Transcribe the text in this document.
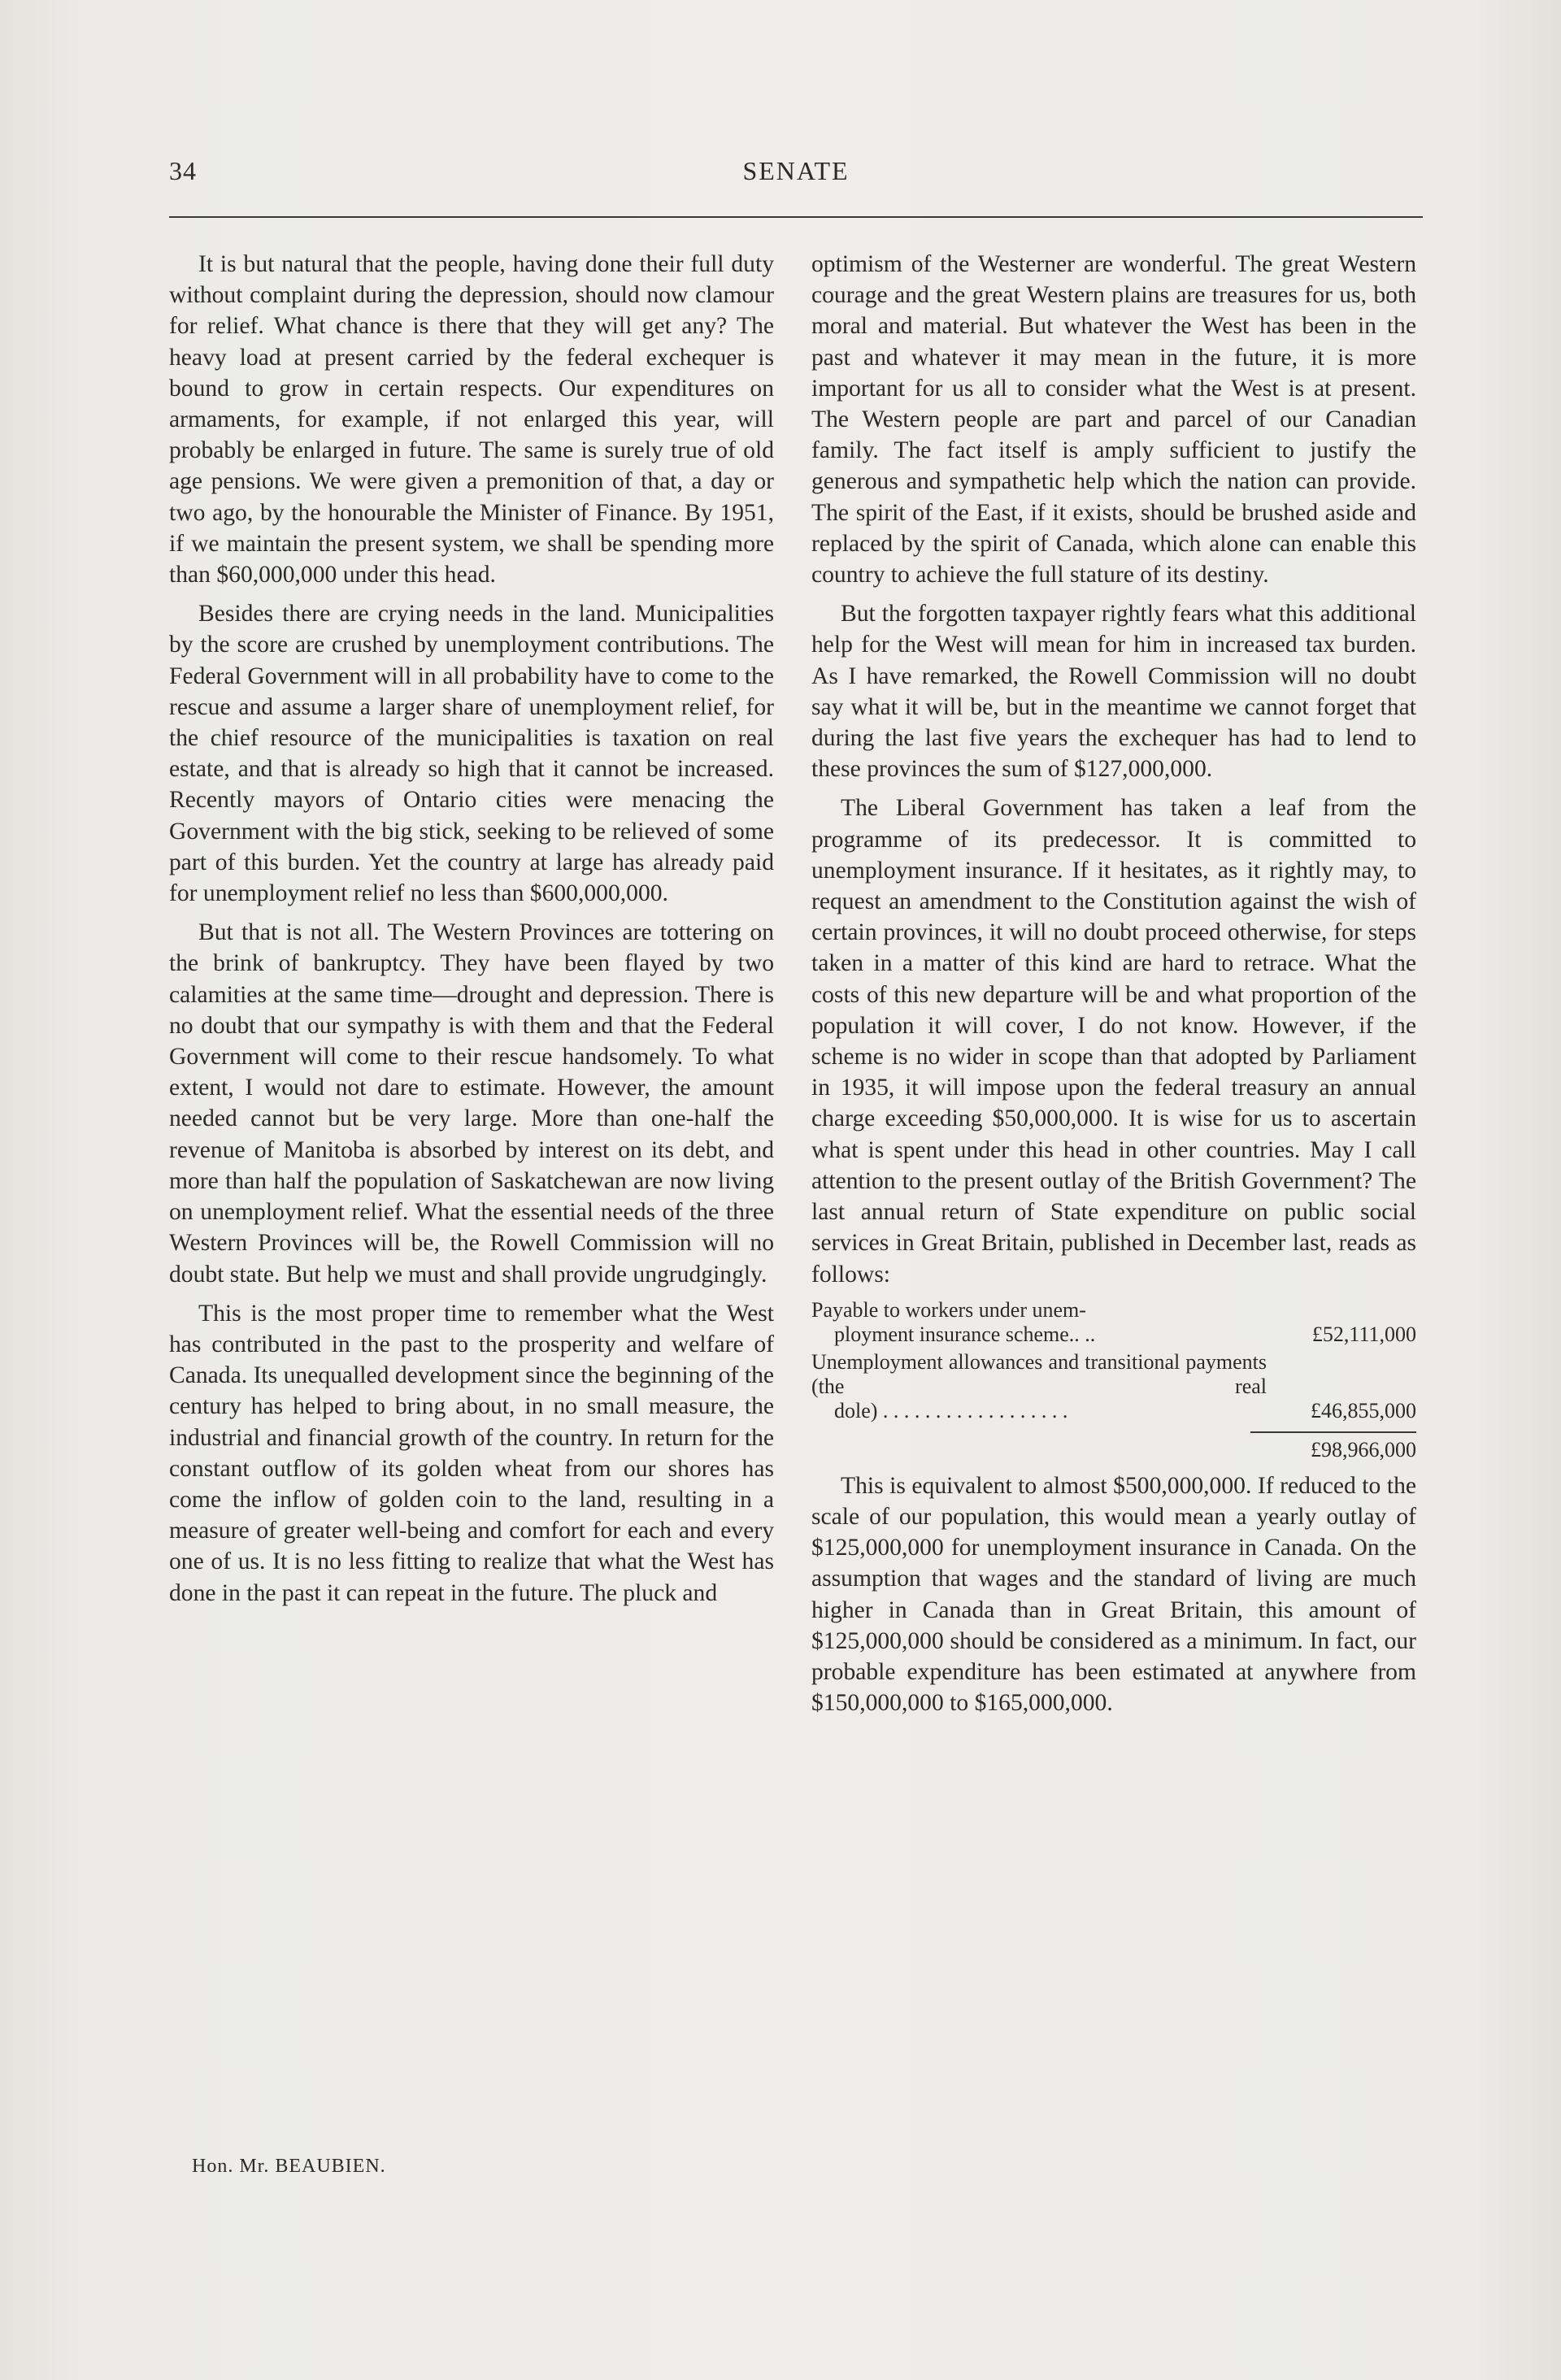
34	SENATE

It is but natural that the people, having done their full duty without complaint during the depression, should now clamour for relief. What chance is there that they will get any? The heavy load at present carried by the federal exchequer is bound to grow in certain respects. Our expenditures on armaments, for example, if not enlarged this year, will probably be enlarged in future. The same is surely true of old age pensions. We were given a premonition of that, a day or two ago, by the honourable the Minister of Finance. By 1951, if we maintain the present system, we shall be spending more than $60,000,000 under this head.

Besides there are crying needs in the land. Municipalities by the score are crushed by unemployment contributions. The Federal Government will in all probability have to come to the rescue and assume a larger share of unemployment relief, for the chief resource of the municipalities is taxation on real estate, and that is already so high that it cannot be increased. Recently mayors of Ontario cities were menacing the Government with the big stick, seeking to be relieved of some part of this burden. Yet the country at large has already paid for unemployment relief no less than $600,000,000.

But that is not all. The Western Provinces are tottering on the brink of bankruptcy. They have been flayed by two calamities at the same time—drought and depression. There is no doubt that our sympathy is with them and that the Federal Government will come to their rescue handsomely. To what extent, I would not dare to estimate. However, the amount needed cannot but be very large. More than one-half the revenue of Manitoba is absorbed by interest on its debt, and more than half the population of Saskatchewan are now living on unemployment relief. What the essential needs of the three Western Provinces will be, the Rowell Commission will no doubt state. But help we must and shall provide ungrudgingly.

This is the most proper time to remember what the West has contributed in the past to the prosperity and welfare of Canada. Its unequalled development since the beginning of the century has helped to bring about, in no small measure, the industrial and financial growth of the country. In return for the constant outflow of its golden wheat from our shores has come the inflow of golden coin to the land, resulting in a measure of greater well-being and comfort for each and every one of us. It is no less fitting to realize that what the West has done in the past it can repeat in the future. The pluck and

optimism of the Westerner are wonderful. The great Western courage and the great Western plains are treasures for us, both moral and material. But whatever the West has been in the past and whatever it may mean in the future, it is more important for us all to consider what the West is at present. The Western people are part and parcel of our Canadian family. The fact itself is amply sufficient to justify the generous and sympathetic help which the nation can provide. The spirit of the East, if it exists, should be brushed aside and replaced by the spirit of Canada, which alone can enable this country to achieve the full stature of its destiny.

But the forgotten taxpayer rightly fears what this additional help for the West will mean for him in increased tax burden. As I have remarked, the Rowell Commission will no doubt say what it will be, but in the meantime we cannot forget that during the last five years the exchequer has had to lend to these provinces the sum of $127,000,000.

The Liberal Government has taken a leaf from the programme of its predecessor. It is committed to unemployment insurance. If it hesitates, as it rightly may, to request an amendment to the Constitution against the wish of certain provinces, it will no doubt proceed otherwise, for steps taken in a matter of this kind are hard to retrace. What the costs of this new departure will be and what proportion of the population it will cover, I do not know. However, if the scheme is no wider in scope than that adopted by Parliament in 1935, it will impose upon the federal treasury an annual charge exceeding $50,000,000. It is wise for us to ascertain what is spent under this head in other countries. May I call attention to the present outlay of the British Government? The last annual return of State expenditure on public social services in Great Britain, published in December last, reads as follows:

Payable to workers under unem-
ployment insurance scheme.. ..	£52,111,000
Unemployment allowances and transitional payments (the real
dole) . . . . . . . . . . . . . . . . . .	£46,855,000
£98,966,000

This is equivalent to almost $500,000,000. If reduced to the scale of our population, this would mean a yearly outlay of $125,000,000 for unemployment insurance in Canada. On the assumption that wages and the standard of living are much higher in Canada than in Great Britain, this amount of $125,000,000 should be considered as a minimum. In fact, our probable expenditure has been estimated at anywhere from $150,000,000 to $165,000,000.

Hon. Mr. BEAUBIEN.
